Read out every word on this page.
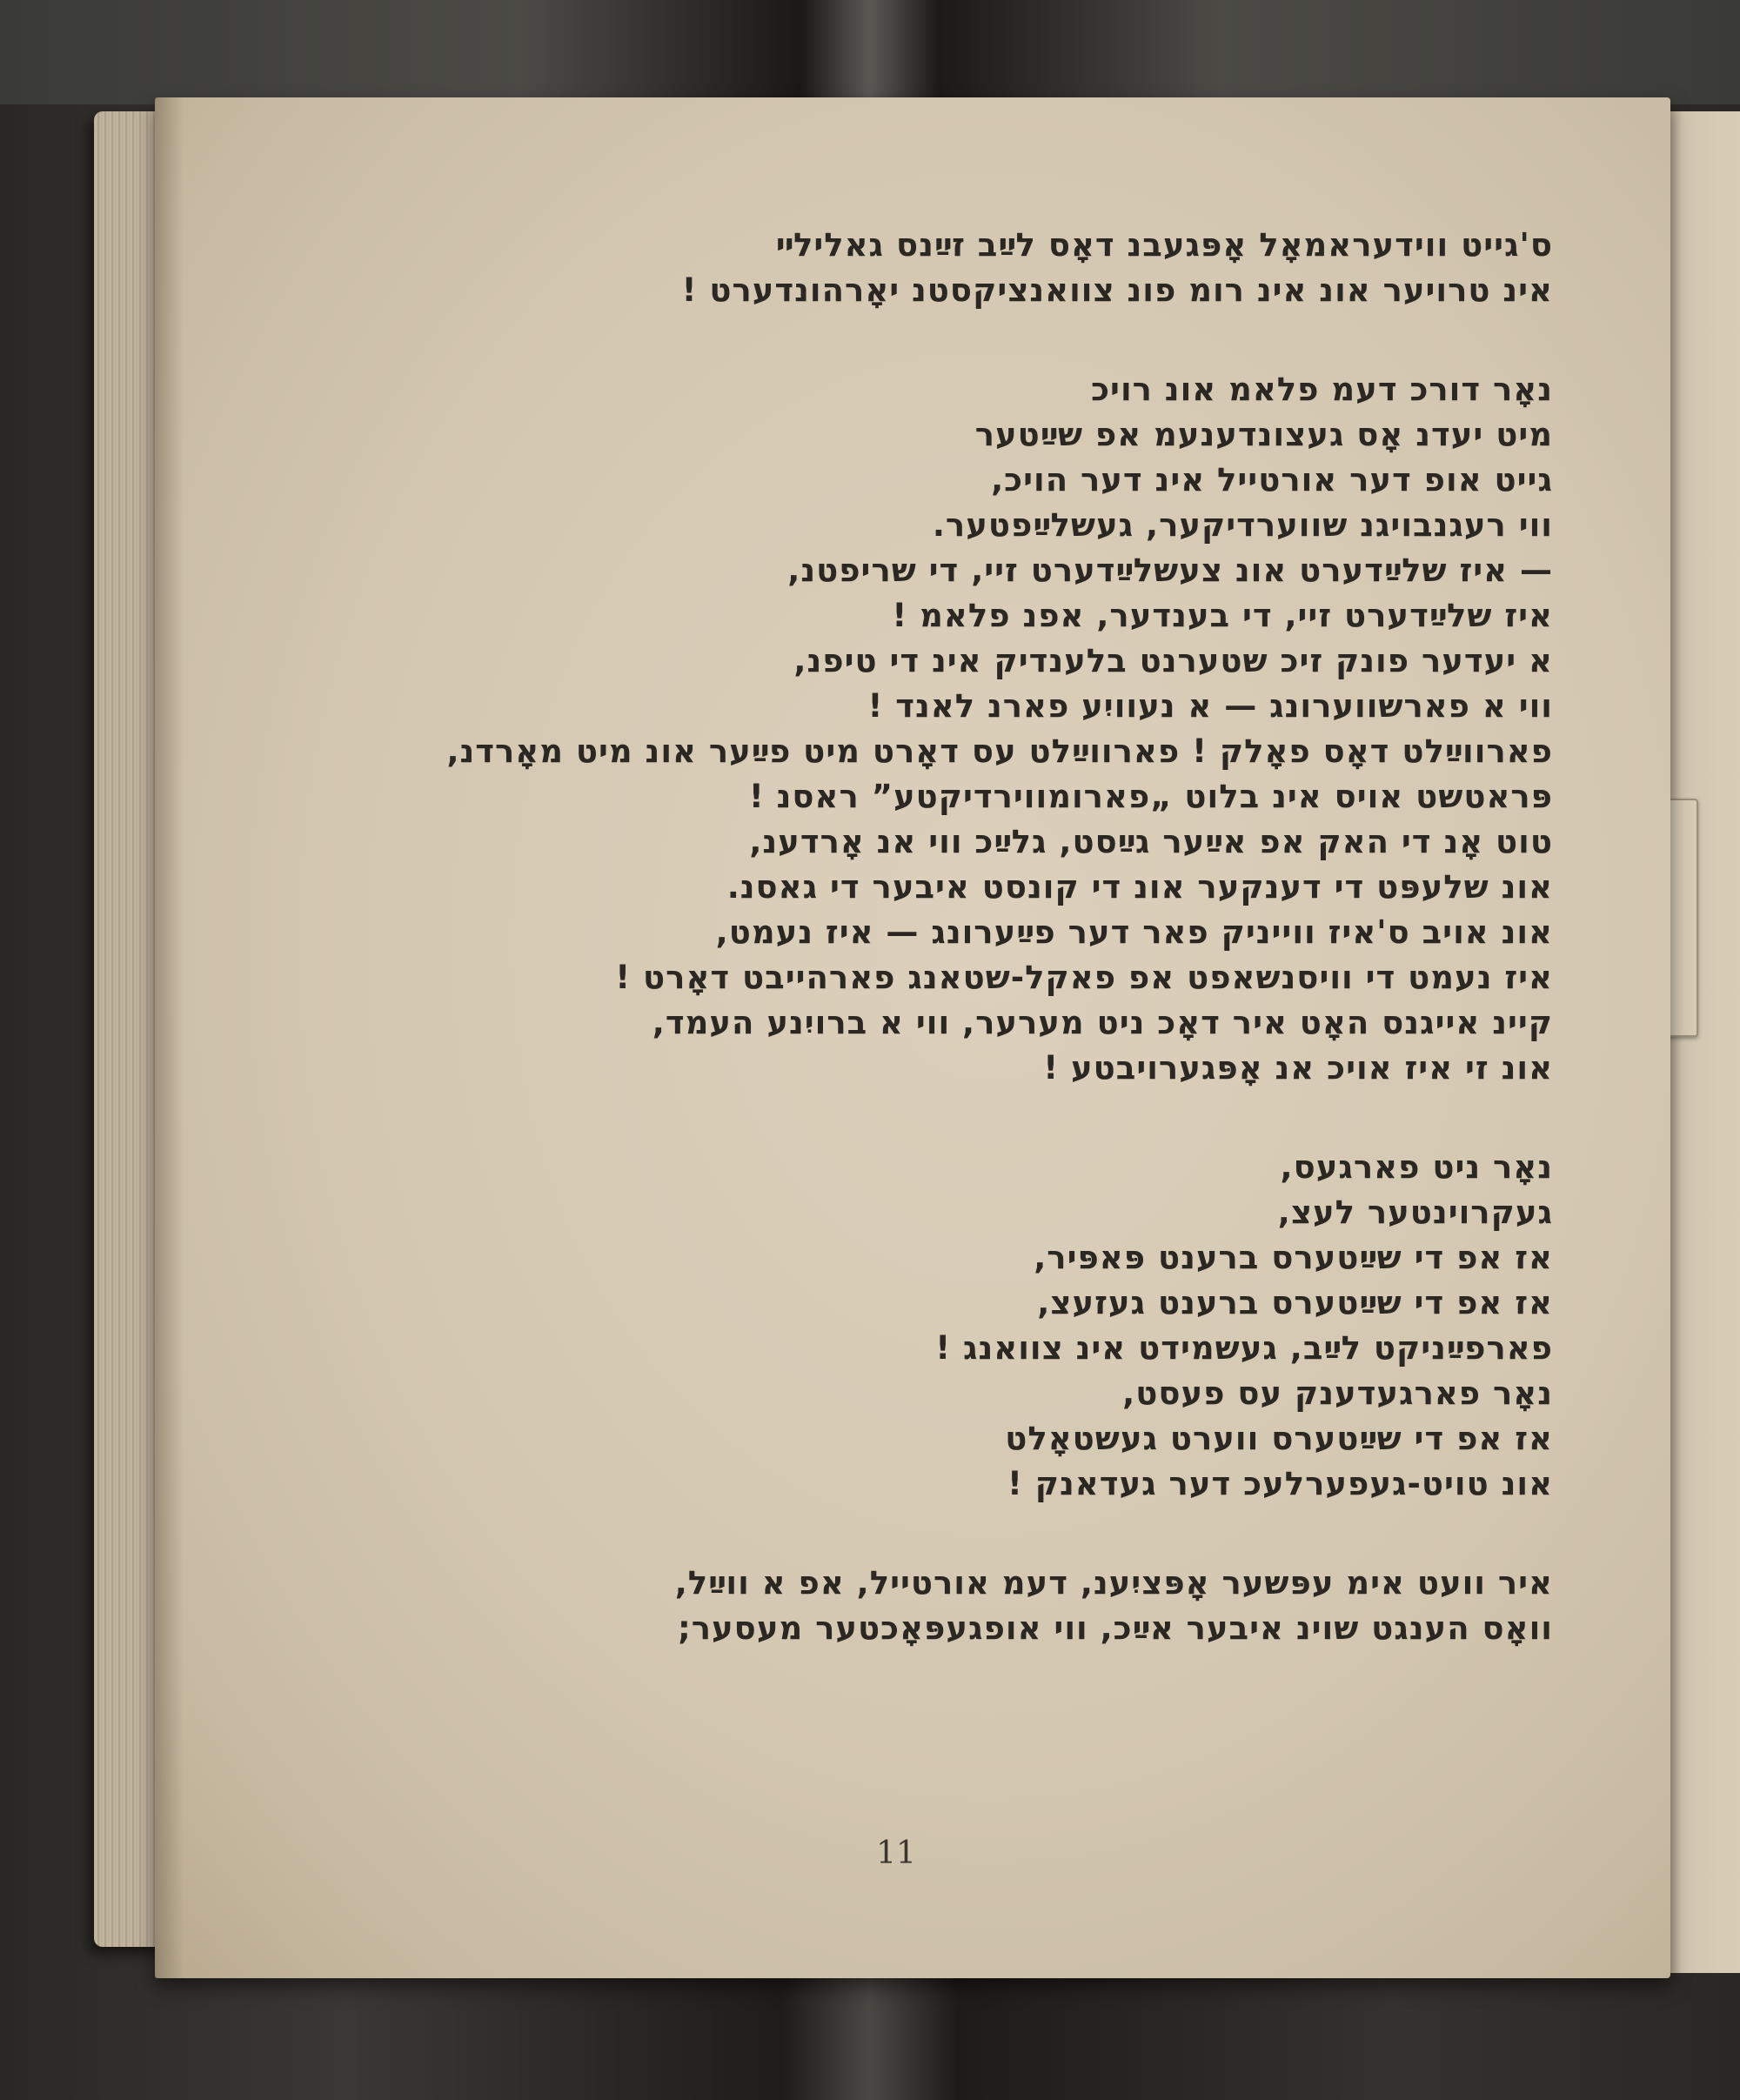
ס'גייט ווידעראמאָל אָפּגעבנ דאָס לײַב זײַנס גאלילײ
אינ טרויער אונ אינ רומ פונ צוואנציקסטנ יאָרהונדערט !
נאָר דורכ דעמ פלאמ אונ רויכ
מיט יעדנ אָס געצונדענעמ אפ שײַטער
גייט אופ דער אורטייל אינ דער הויכ,
ווי רעגנבויגנ שווערדיקער, געשלײַפטער.
— איז שלײַדערט אונ צעשלײַדערט זיי, די שריפטנ,
איז שלײַדערט זיי, די בענדער, אפנ פלאמ !
א יעדער פונק זיכ שטערנט בלענדיק אינ די טיפנ,
ווי א פארשווערונג — א נעוויִע פארנ לאנד !
פארווײַלט דאָס פאָלק ! פארווײַלט עס דאָרט מיט פײַער אונ מיט מאָרדנ,
פּראטשט אויס אינ בלוט „פארומווירדיקטע” ראסנ !
טוט אָנ די האק אפ אײַער גײַסט, גלײַכ ווי אנ אָרדענ,
אונ שלעפּט די דענקער אונ די קונסט איבער די גאסנ.
אונ אויב ס'איז ווייניק פאר דער פײַערונג — איז נעמט,
איז נעמט די וויסנשאפט אפ פאקל-שטאנג פארהייבט דאָרט !
קיינ אייגנס האָט איר דאָכ ניט מערער, ווי א ברויִנע העמד,
אונ זי איז אויכ אנ אָפּגערויבטע !
נאָר ניט פארגעס,
געקרוינטער לעצ,
אז אפ די שײַטערס ברענט פּאפּיר,
אז אפ די שײַטערס ברענט געזעצ,
פארפײַניקט לײַב, געשמידט אינ צוואנג !
נאָר פארגעדענק עס פעסט,
אז אפ די שײַטערס ווערט געשטאָלט
אונ טויט-געפערלעכ דער געדאנק !
איר וועט אימ עפּשער אָפּציִענ, דעמ אורטייל, אפ א ווײַל,
וואָס הענגט שוינ איבער אײַכ, ווי אופגעפּאָכטער מעסער;
11
